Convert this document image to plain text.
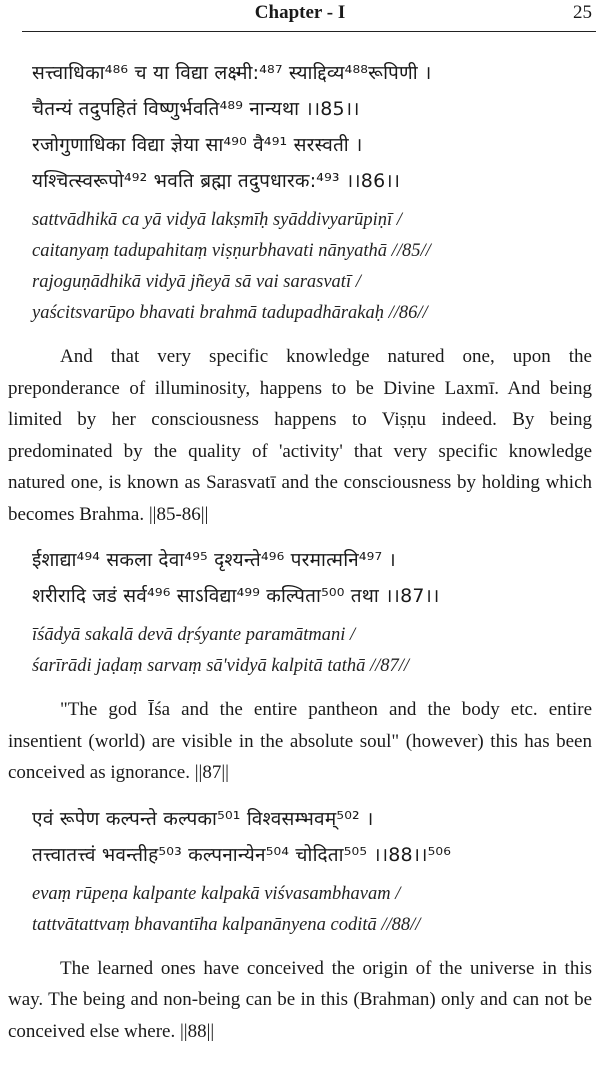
Chapter - I	25
सत्त्वाधिका⁴⁸⁶ च या विद्या लक्ष्मी:⁴⁸⁷ स्याद्दिव्य⁴⁸⁸रूपिणी ।
चैतन्यं तदुपहितं विष्णुर्भवति⁴⁸⁹ नान्यथा ।।85।।
रजोगुणाधिका विद्या ज्ञेया सा⁴⁹⁰ वै⁴⁹¹ सरस्वती ।
यश्चित्स्वरूपो⁴⁹² भवति ब्रह्मा तदुपधारक:⁴⁹³ ।।86।।
sattvādhikā ca yā vidyā lakṣmīḥ syāddivyarūpiṇī /
caitanyaṃ tadupahitaṃ viṣṇurbhavati nānyathā //85//
rajoguṇādhikā vidyā jñeyā sā vai sarasvatī /
yaścitsvarūpo bhavati brahmā tadupadhārakaḥ //86//

And that very specific knowledge natured one, upon the preponderance of illuminosity, happens to be Divine Laxmī. And being limited by her consciousness happens to Viṣṇu indeed. By being predominated by the quality of 'activity' that very specific knowledge natured one, is known as Sarasvatī and the consciousness by holding which becomes Brahma. ||85-86||

ईशाद्या⁴⁹⁴ सकला देवा⁴⁹⁵ दृश्यन्ते⁴⁹⁶ परमात्मनि⁴⁹⁷ ।
शरीरादि जडं सर्व⁴⁹⁶ साऽविद्या⁴⁹⁹ कल्पिता⁵⁰⁰ तथा ।।87।।
īśādyā sakalā devā dṛśyante paramātmani /
śarīrādi jaḍaṃ sarvaṃ sā'vidyā kalpitā tathā //87//

"The god Īśa and the entire pantheon and the body etc. entire insentient (world) are visible in the absolute soul" (however) this has been conceived as ignorance. ||87||

एवं रूपेण कल्पन्ते कल्पका⁵⁰¹ विश्वसम्भवम्⁵⁰² ।
तत्त्वातत्त्वं भवन्तीह⁵⁰³ कल्पनान्येन⁵⁰⁴ चोदिता⁵⁰⁵ ।।88।।⁵⁰⁶
evaṃ rūpeṇa kalpante kalpakā viśvasambhavam /
tattvātattvaṃ bhavantīha kalpanānyena coditā //88//

The learned ones have conceived the origin of the universe in this way. The being and non-being can be in this (Brahman) only and can not be conceived else where. ||88||
